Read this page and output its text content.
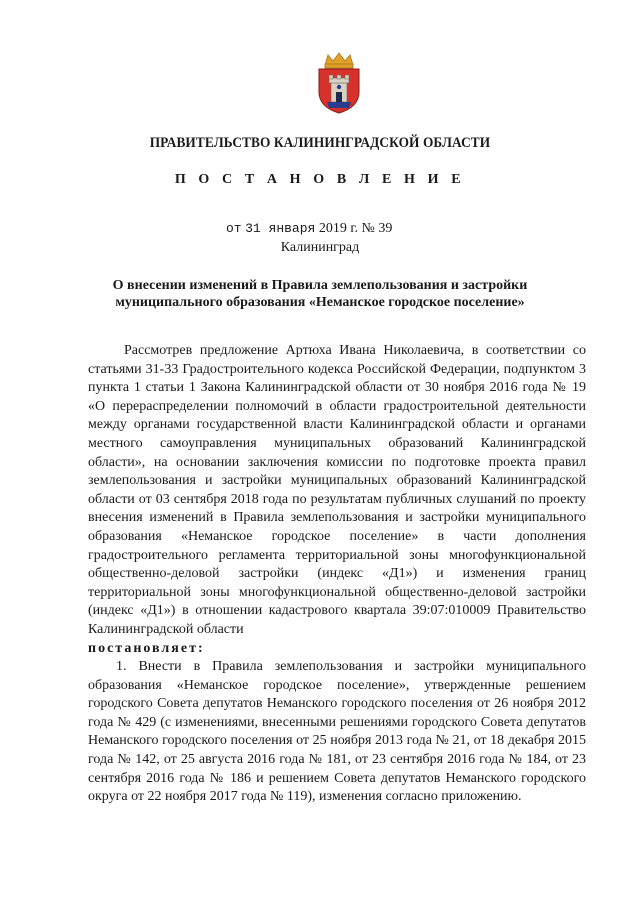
ПРАВИТЕЛЬСТВО КАЛИНИНГРАДСКОЙ ОБЛАСТИ
П О С Т А Н О В Л Е Н И Е
от 31 января 2019 г. № 39
Калининград
О внесении изменений в Правила землепользования и застройки
муниципального образования «Неманское городское поселение»

Рассмотрев предложение Артюха Ивана Николаевича, в соответствии со статьями 31-33 Градостроительного кодекса Российской Федерации, подпунктом 3 пункта 1 статьи 1 Закона Калининградской области от 30 ноября 2016 года № 19 «О перераспределении полномочий в области градостроительной деятельности между органами государственной власти Калининградской области и органами местного самоуправления муниципальных образований Калининградской области», на основании заключения комиссии по подготовке проекта правил землепользования и застройки муниципальных образований Калининградской области от 03 сентября 2018 года по результатам публичных слушаний по проекту внесения изменений в Правила землепользования и застройки муниципального образования «Неманское городское поселение» в части дополнения градостроительного регламента территориальной зоны многофункциональной общественно-деловой застройки (индекс «Д1») и изменения границ территориальной зоны многофункциональной общественно-деловой застройки (индекс «Д1») в отношении кадастрового квартала 39:07:010009 Правительство Калининградской области

постановляет:

1. Внести в Правила землепользования и застройки муниципального образования «Неманское городское поселение», утвержденные решением городского Совета депутатов Неманского городского поселения от 26 ноября 2012 года № 429 (с изменениями, внесенными решениями городского Совета депутатов Неманского городского поселения от 25 ноября 2013 года № 21, от 18 декабря 2015 года № 142, от 25 августа 2016 года № 181, от 23 сентября 2016 года № 184, от 23 сентября 2016 года № 186 и решением Совета депутатов Неманского городского округа от 22 ноября 2017 года № 119), изменения согласно приложению.
